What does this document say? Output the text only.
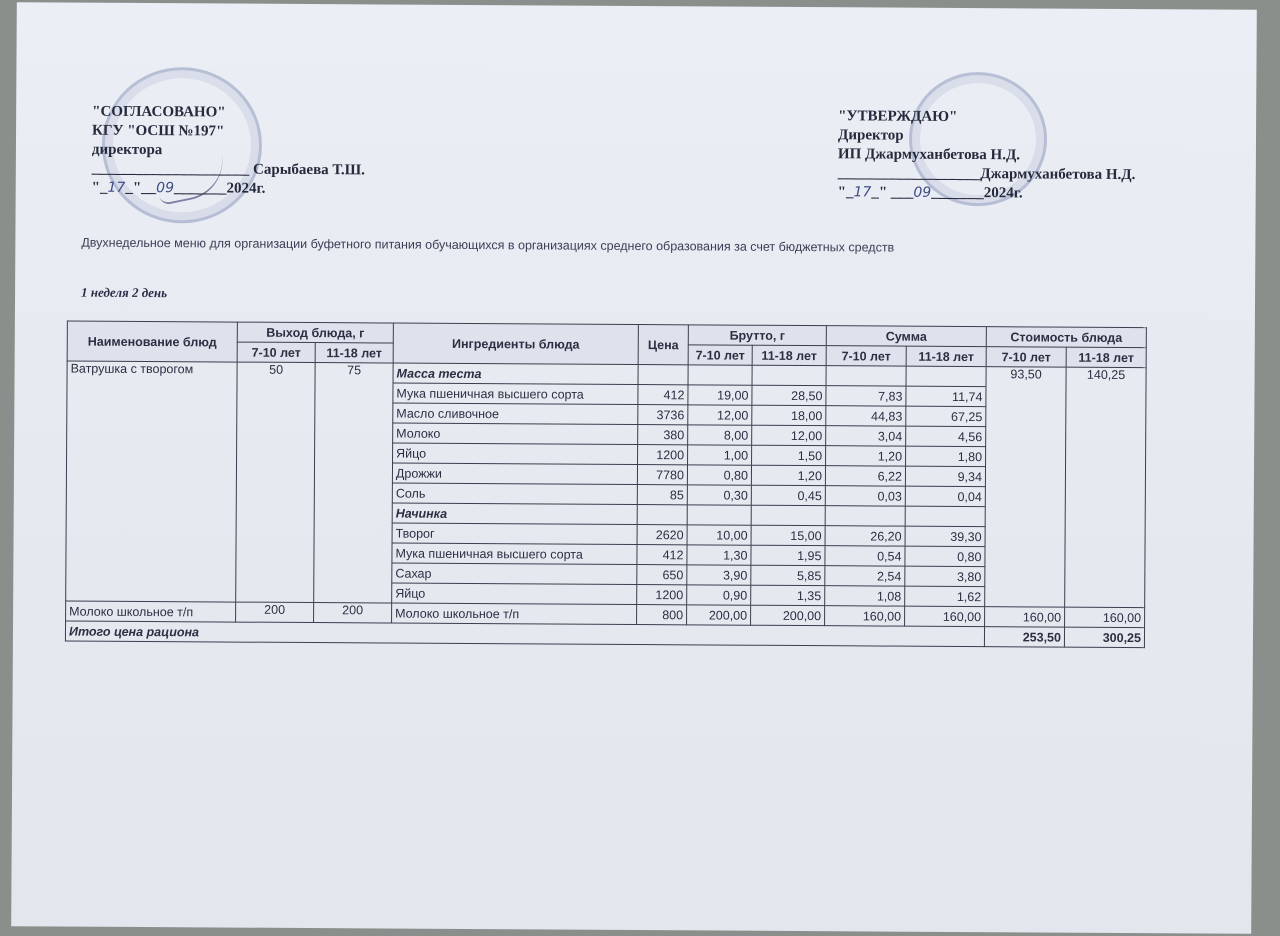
"СОГЛАСОВАНО"
КГУ "ОСШ №197"
директора
_____________________ Сарыбаева Т.Ш.
"_17_"__09_______2024г.
"УТВЕРЖДАЮ"
Директор
ИП Джармуханбетова Н.Д.
___________________Джармуханбетова Н.Д.
"_17_" ___09_______2024г.
Двухнедельное меню для организации буфетного питания обучающихся в организациях среднего образования за счет бюджетных средств
1 неделя 2 день
Наименование блюд	Выход блюда, г		Ингредиенты блюда	Цена	Брутто, г		Сумма		Стоимость блюда	
	7-10 лет	11-18 лет			7-10 лет	11-18 лет	7-10 лет	11-18 лет	7-10 лет	11-18 лет
Ватрушка с творогом	50	75	Масса теста						93,50	140,25
			Мука пшеничная высшего сорта	412	19,00	28,50	7,83	11,74		
			Масло сливочное	3736	12,00	18,00	44,83	67,25		
			Молоко	380	8,00	12,00	3,04	4,56		
			Яйцо	1200	1,00	1,50	1,20	1,80		
			Дрожжи	7780	0,80	1,20	6,22	9,34		
			Соль	85	0,30	0,45	0,03	0,04		
			Начинка							
			Творог	2620	10,00	15,00	26,20	39,30		
			Мука пшеничная высшего сорта	412	1,30	1,95	0,54	0,80		
			Сахар	650	3,90	5,85	2,54	3,80		
			Яйцо	1200	0,90	1,35	1,08	1,62		
Молоко школьное т/п	200	200	Молоко школьное т/п	800	200,00	200,00	160,00	160,00	160,00	160,00
Итого цена рациона									253,50	300,25
